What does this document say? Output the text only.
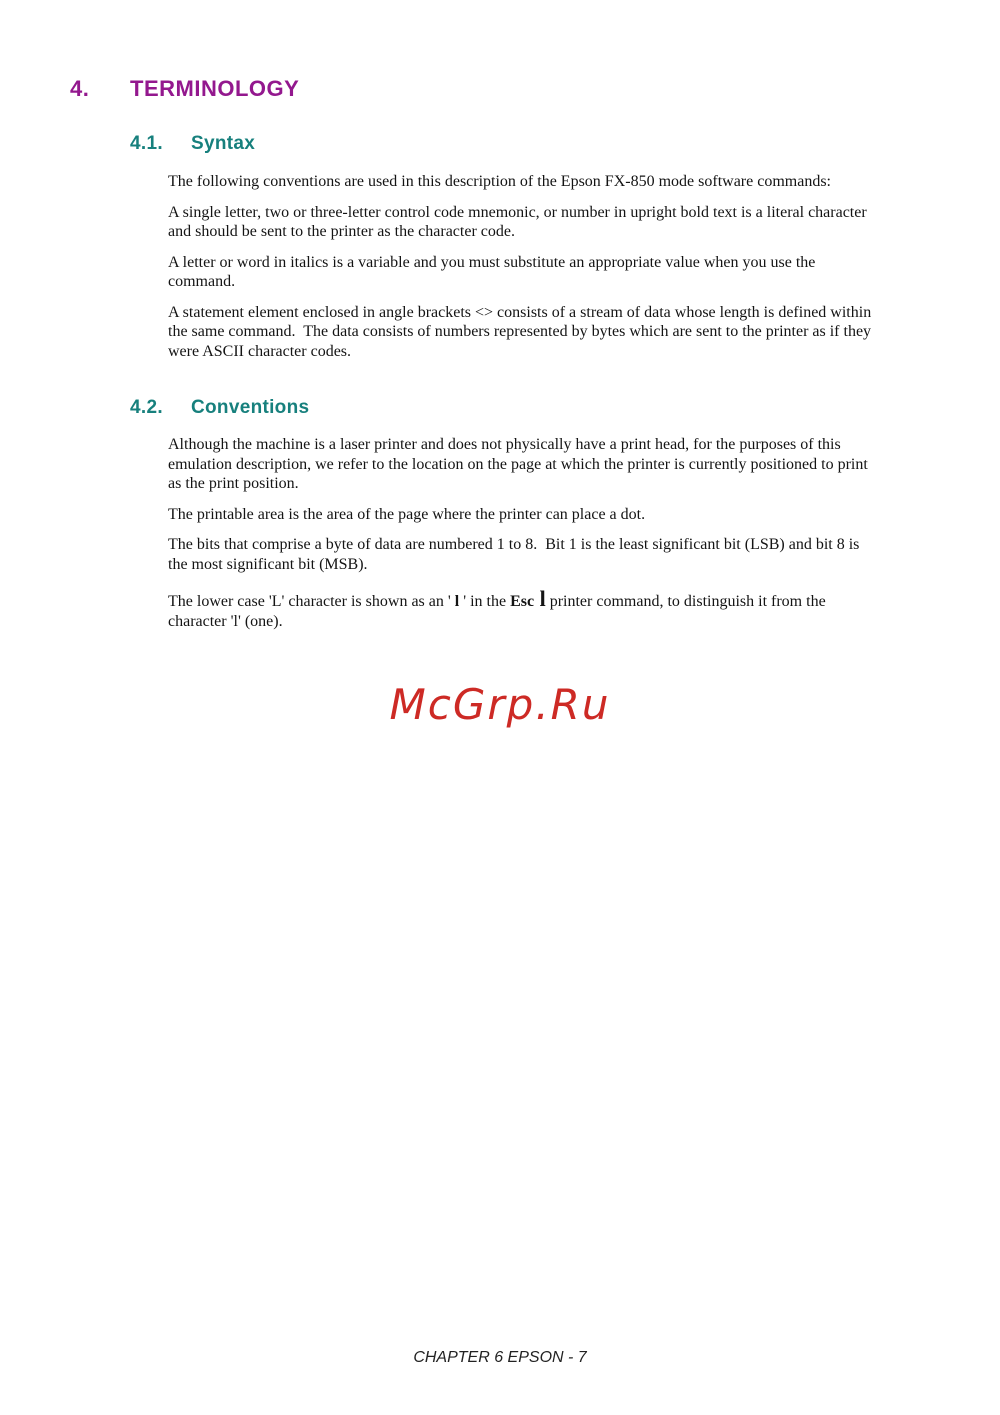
4.	TERMINOLOGY
4.1.	Syntax

The following conventions are used in this description of the Epson FX-850 mode software commands:

A single letter, two or three-letter control code mnemonic, or number in upright bold text is a literal character and should be sent to the printer as the character code.

A letter or word in italics is a variable and you must substitute an appropriate value when you use the command.

A statement element enclosed in angle brackets <> consists of a stream of data whose length is defined within the same command.  The data consists of numbers represented by bytes which are sent to the printer as if they were ASCII character codes.

4.2.	Conventions

Although the machine is a laser printer and does not physically have a print head, for the purposes of this emulation description, we refer to the location on the page at which the printer is currently positioned to print as the print position.

The printable area is the area of the page where the printer can place a dot.

The bits that comprise a byte of data are numbered 1 to 8.  Bit 1 is the least significant bit (LSB) and bit 8 is the most significant bit (MSB).

The lower case 'L' character is shown as an ' l ' in the Esc l printer command, to distinguish it from the character 'l' (one).

McGrp.Ru
CHAPTER 6 EPSON - 7
